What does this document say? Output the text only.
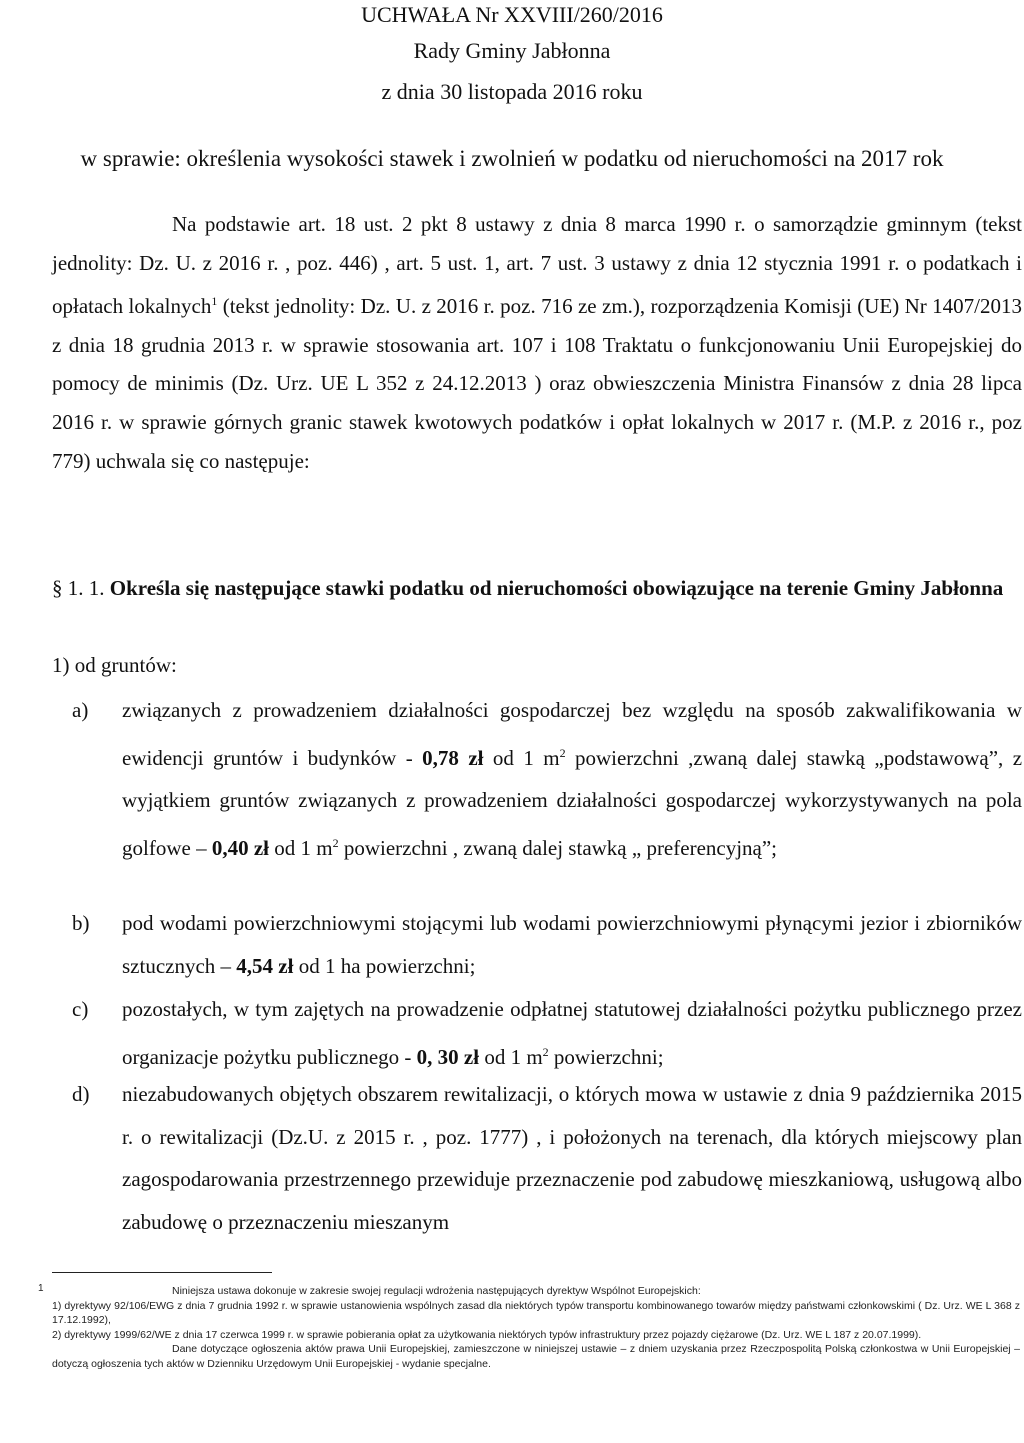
UCHWAŁA Nr XXVIII/260/2016
Rady Gminy Jabłonna
z dnia 30 listopada 2016 roku
w sprawie: określenia wysokości stawek i zwolnień w podatku od nieruchomości na 2017 rok
Na podstawie art. 18 ust. 2 pkt 8 ustawy z dnia 8 marca 1990 r. o samorządzie gminnym (tekst jednolity: Dz. U. z 2016 r. , poz. 446) , art. 5 ust. 1, art. 7 ust. 3 ustawy z dnia 12 stycznia 1991 r. o podatkach i opłatach lokalnych$^1$ (tekst jednolity: Dz. U. z 2016 r. poz. 716 ze zm.), rozporządzenia Komisji (UE) Nr 1407/2013 z dnia 18 grudnia 2013 r. w sprawie stosowania art. 107 i 108 Traktatu o funkcjonowaniu Unii Europejskiej do pomocy de minimis (Dz. Urz. UE L 352 z 24.12.2013 ) oraz obwieszczenia Ministra Finansów z dnia 28 lipca 2016 r. w sprawie górnych granic stawek kwotowych podatków i opłat lokalnych w 2017 r. (M.P. z 2016 r., poz 779) uchwala się co następuje:
§ 1. 1. Określa się następujące stawki podatku od nieruchomości obowiązujące na terenie Gminy Jabłonna
1) od gruntów:
a) związanych z prowadzeniem działalności gospodarczej bez względu na sposób zakwalifikowania w ewidencji gruntów i budynków - 0,78 zł od 1 $m^2$ powierzchni ,zwaną dalej stawką „podstawową”, z wyjątkiem gruntów związanych z prowadzeniem działalności gospodarczej wykorzystywanych na pola golfowe – 0,40 zł od 1 $m^2$ powierzchni , zwaną dalej stawką „ preferencyjną”;
b) pod wodami powierzchniowymi stojącymi lub wodami powierzchniowymi płynącymi jezior i zbiorników sztucznych – 4,54 zł od 1 ha powierzchni;
c) pozostałych, w tym zajętych na prowadzenie odpłatnej statutowej działalności pożytku publicznego przez organizacje pożytku publicznego - 0, 30 zł od 1 $m^2$ powierzchni;
d) niezabudowanych objętych obszarem rewitalizacji, o których mowa w ustawie z dnia 9 października 2015 r. o rewitalizacji (Dz.U. z 2015 r. , poz. 1777) , i położonych na terenach, dla których miejscowy plan zagospodarowania przestrzennego przewiduje przeznaczenie pod zabudowę mieszkaniową, usługową albo zabudowę o przeznaczeniu mieszanym
1	Niniejsza ustawa dokonuje w zakresie swojej regulacji wdrożenia następujących dyrektyw Wspólnot Europejskich:
1) dyrektywy 92/106/EWG z dnia 7 grudnia 1992 r. w sprawie ustanowienia wspólnych zasad dla niektórych typów transportu kombinowanego towarów między państwami członkowskimi ( Dz. Urz. WE L 368 z 17.12.1992),
2) dyrektywy 1999/62/WE z dnia 17 czerwca 1999 r. w sprawie pobierania opłat za użytkowania niektórych typów infrastruktury przez pojazdy ciężarowe (Dz. Urz. WE L 187 z 20.07.1999).
Dane dotyczące ogłoszenia aktów prawa Unii Europejskiej, zamieszczone w niniejszej ustawie – z dniem uzyskania przez Rzeczpospolitą Polską członkostwa w Unii Europejskiej – dotyczą ogłoszenia tych aktów w Dzienniku Urzędowym Unii Europejskiej - wydanie specjalne.
